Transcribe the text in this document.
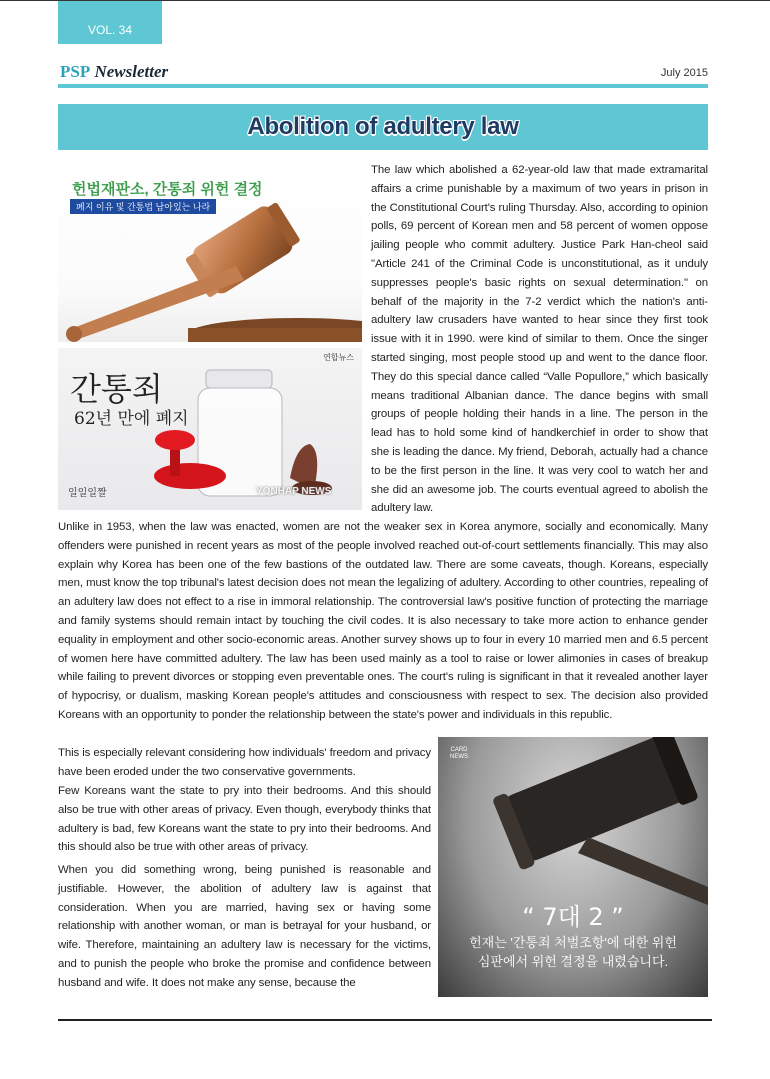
VOL. 34
PSP Newsletter	July 2015
Abolition of adultery law
헌법재판소, 간통죄 위헌 결정
폐지 이유 및 간통법 남아있는 나라
연합뉴스
간통죄
62년 만에 폐지
일일일짤	YONHAP NEWS
CARD
NEWS
“ 7대 2 ”
헌재는 '간통죄 처벌조항'에 대한 위헌
심판에서 위헌 결정을 내렸습니다.

The law which abolished a 62-year-old law that made extramarital affairs a crime punishable by a maximum of two years in prison in the Constitutional Court's ruling Thursday. Also, according to opinion polls, 69 percent of Korean men and 58 percent of women oppose jailing people who commit adultery. Justice Park Han-cheol said "Article 241 of the Criminal Code is unconstitutional, as it unduly suppresses people's basic rights on sexual determination." on behalf of the majority in the 7-2 verdict which the nation's anti-adultery law crusaders have wanted to hear since they first took issue with it in 1990. were kind of similar to them. Once the singer started singing, most people stood up and went to the dance floor. They do this special dance called “Valle Popullore,” which basically means traditional Albanian dance. The dance begins with small groups of people holding their hands in a line. The person in the lead has to hold some kind of handkerchief in order to show that she is leading the dance. My friend, Deborah, actually had a chance to be the first person in the line. It was very cool to watch her and she did an awesome job. The courts eventual agreed to abolish the adultery law.

Unlike in 1953, when the law was enacted, women are not the weaker sex in Korea anymore, socially and economically. Many offenders were punished in recent years as most of the people involved reached out-of-court settlements financially. This may also explain why Korea has been one of the few bastions of the outdated law. There are some caveats, though. Koreans, especially men, must know the top tribunal's latest decision does not mean the legalizing of adultery. According to other countries, repealing of an adultery law does not effect to a rise in immoral relationship. The controversial law's positive function of protecting the marriage and family systems should remain intact by touching the civil codes. It is also necessary to take more action to enhance gender equality in employment and other socio-economic areas. Another survey shows up to four in every 10 married men and 6.5 percent of women here have committed adultery. The law has been used mainly as a tool to raise or lower alimonies in cases of breakup while failing to prevent divorces or stopping even preventable ones. The court's ruling is significant in that it revealed another layer of hypocrisy, or dualism, masking Korean people's attitudes and consciousness with respect to sex. The decision also provided Koreans with an opportunity to ponder the relationship between the state's power and individuals in this republic.

This is especially relevant considering how individuals' freedom and privacy have been eroded under the two conservative governments.

Few Koreans want the state to pry into their bedrooms. And this should also be true with other areas of privacy. Even though, everybody thinks that adultery is bad, few Koreans want the state to pry into their bedrooms. And this should also be true with other areas of privacy.

When you did something wrong, being punished is reasonable and justifiable. However, the abolition of adultery law is against that consideration. When you are married, having sex or having some relationship with another woman, or man is betrayal for your husband, or wife. Therefore, maintaining an adultery law is necessary for the victims, and to punish the people who broke the promise and confidence between husband and wife. It does not make any sense, because the
